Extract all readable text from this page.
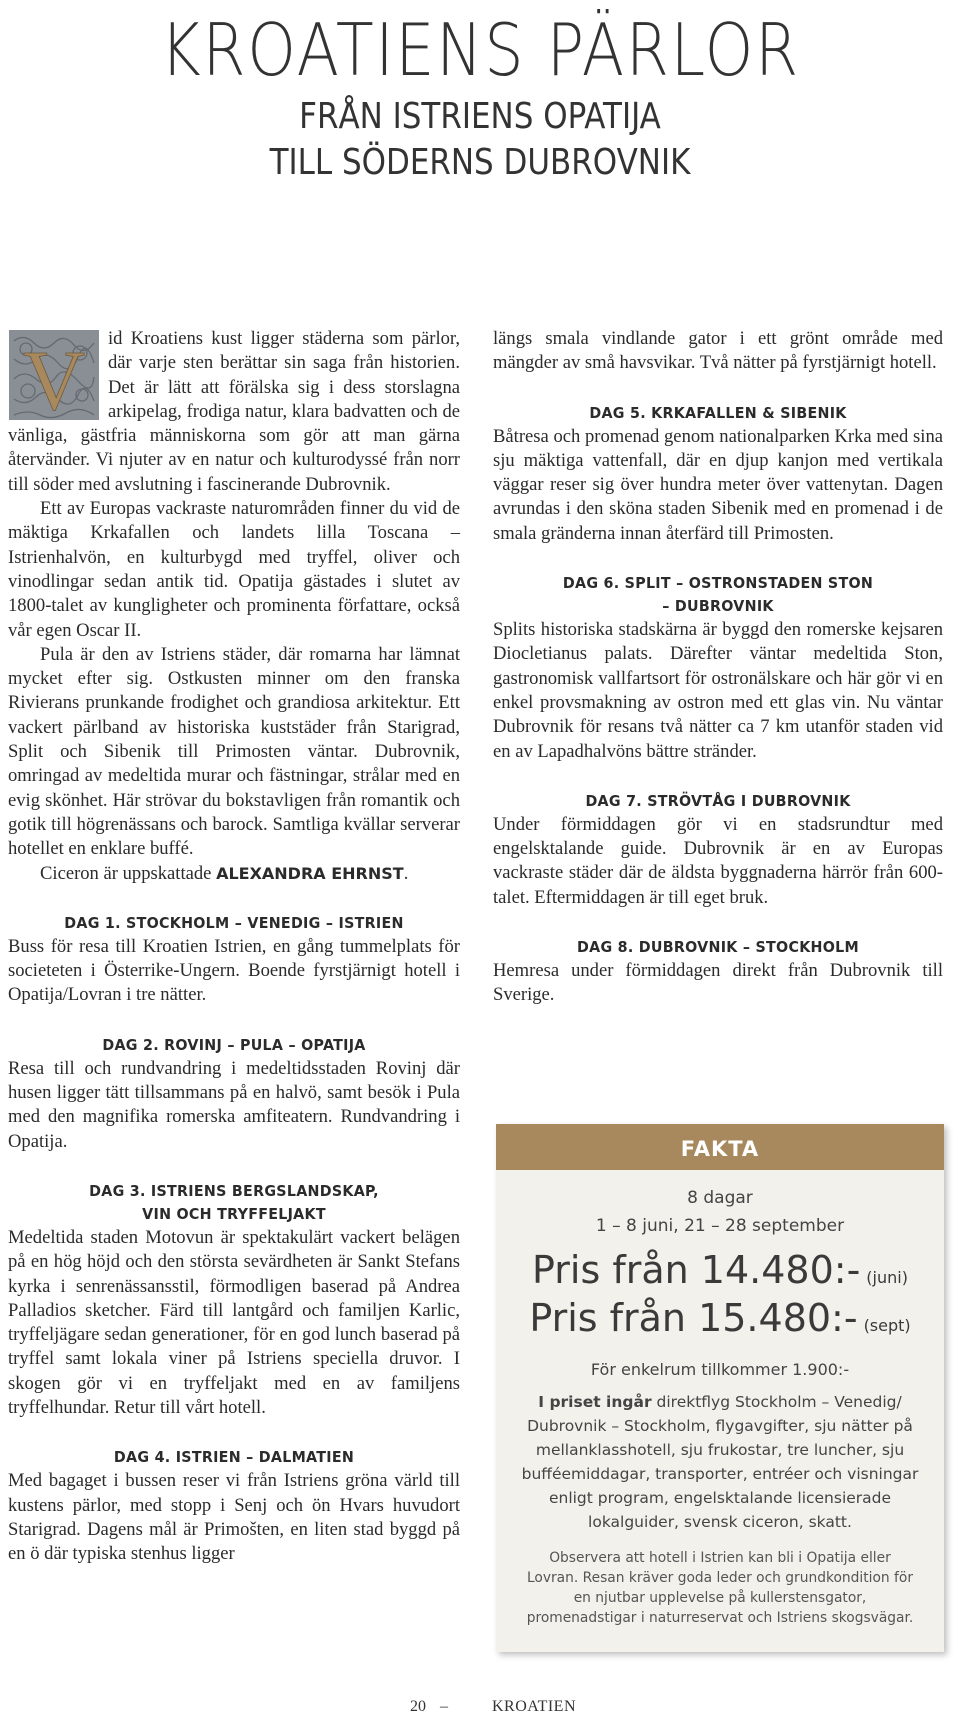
KROATIENS PÄRLOR
FRÅN ISTRIENS OPATIJA
TILL SÖDERNS DUBROVNIK

V id Kroatiens kust ligger städerna som pärlor, där varje sten berättar sin saga från historien. Det är lätt att förälska sig i dess storslagna arkipelag, frodiga natur, klara badvatten och de vänliga, gästfria människorna som gör att man gärna återvänder. Vi njuter av en natur och kulturodyssé från norr till söder med avslutning i fascinerande Dubrovnik.

Ett av Europas vackraste naturområden finner du vid de mäktiga Krkafallen och landets lilla Toscana – Istrienhalvön, en kulturbygd med tryffel, oliver och vinodlingar sedan antik tid. Opatija gästades i slutet av 1800-talet av kungligheter och prominenta författare, också vår egen Oscar II.

Pula är den av Istriens städer, där romarna har lämnat mycket efter sig. Ostkusten minner om den franska Rivierans prunkande frodighet och grandiosa arkitektur. Ett vackert pärlband av historiska kuststäder från Starigrad, Split och Sibenik till Primosten väntar. Dubrovnik, omringad av medeltida murar och fästningar, strålar med en evig skönhet. Här strövar du bokstavligen från romantik och gotik till högrenässans och barock. Samtliga kvällar serverar hotellet en enklare buffé.

Ciceron är uppskattade ALEXANDRA EHRNST.

DAG 1. STOCKHOLM – VENEDIG – ISTRIEN

Buss för resa till Kroatien Istrien, en gång tummelplats för societeten i Österrike-Ungern. Boende fyrstjärnigt hotell i Opatija/Lovran i tre nätter.

DAG 2. ROVINJ – PULA – OPATIJA

Resa till och rundvandring i medeltidsstaden Rovinj där husen ligger tätt tillsammans på en halvö, samt besök i Pula med den magnifika romerska amfiteatern. Rundvandring i Opatija.

DAG 3. ISTRIENS BERGSLANDSKAP,
VIN OCH TRYFFELJAKT

Medeltida staden Motovun är spektakulärt vackert belägen på en hög höjd och den största sevärdheten är Sankt Stefans kyrka i senrenässansstil, förmodligen baserad på Andrea Palladios sketcher. Färd till lantgård och familjen Karlic, tryffeljägare sedan generationer, för en god lunch baserad på tryffel samt lokala viner på Istriens speciella druvor. I skogen gör vi en tryffeljakt med en av familjens tryffelhundar. Retur till vårt hotell.

DAG 4. ISTRIEN – DALMATIEN

Med bagaget i bussen reser vi från Istriens gröna värld till kustens pärlor, med stopp i Senj och ön Hvars huvudort Starigrad. Dagens mål är Primošten, en liten stad byggd på en ö där typiska stenhus ligger

längs smala vindlande gator i ett grönt område med mängder av små havsvikar. Två nätter på fyrstjärnigt hotell.

DAG 5. KRKAFALLEN & SIBENIK

Båtresa och promenad genom nationalparken Krka med sina sju mäktiga vattenfall, där en djup kanjon med vertikala väggar reser sig över hundra meter över vattenytan. Dagen avrundas i den sköna staden Sibenik med en promenad i de smala gränderna innan återfärd till Primosten.

DAG 6. SPLIT – OSTRONSTADEN STON
– DUBROVNIK

Splits historiska stadskärna är byggd den romerske kejsaren Diocletianus palats. Därefter väntar medeltida Ston, gastronomisk vallfartsort för ostronälskare och här gör vi en enkel provsmakning av ostron med ett glas vin. Nu väntar Dubrovnik för resans två nätter ca 7 km utanför staden vid en av Lapadhalvöns bättre stränder.

DAG 7. STRÖVTÅG I DUBROVNIK

Under förmiddagen gör vi en stadsrundtur med engelsktalande guide. Dubrovnik är en av Europas vackraste städer där de äldsta byggnaderna härrör från 600-talet. Eftermiddagen är till eget bruk.

DAG 8. DUBROVNIK – STOCKHOLM

Hemresa under förmiddagen direkt från Dubrovnik till Sverige.

FAKTA
8 dagar
1 – 8 juni, 21 – 28 september
Pris från 14.480:- (juni)
Pris från 15.480:- (sept)
För enkelrum tillkommer 1.900:-
I priset ingår direktflyg Stockholm – Venedig/ Dubrovnik – Stockholm, flygavgifter, sju nätter på mellanklasshotell, sju frukostar, tre luncher, sju bufféemiddagar, transporter, entréer och visningar enligt program, engelsktalande licensierade lokalguider, svensk ciceron, skatt.
Observera att hotell i Istrien kan bli i Opatija eller Lovran. Resan kräver goda leder och grundkondition för en njutbar upplevelse på kullerstensgator, promenadstigar i naturreservat och Istriens skogsvägar.
20 –	KROATIEN
